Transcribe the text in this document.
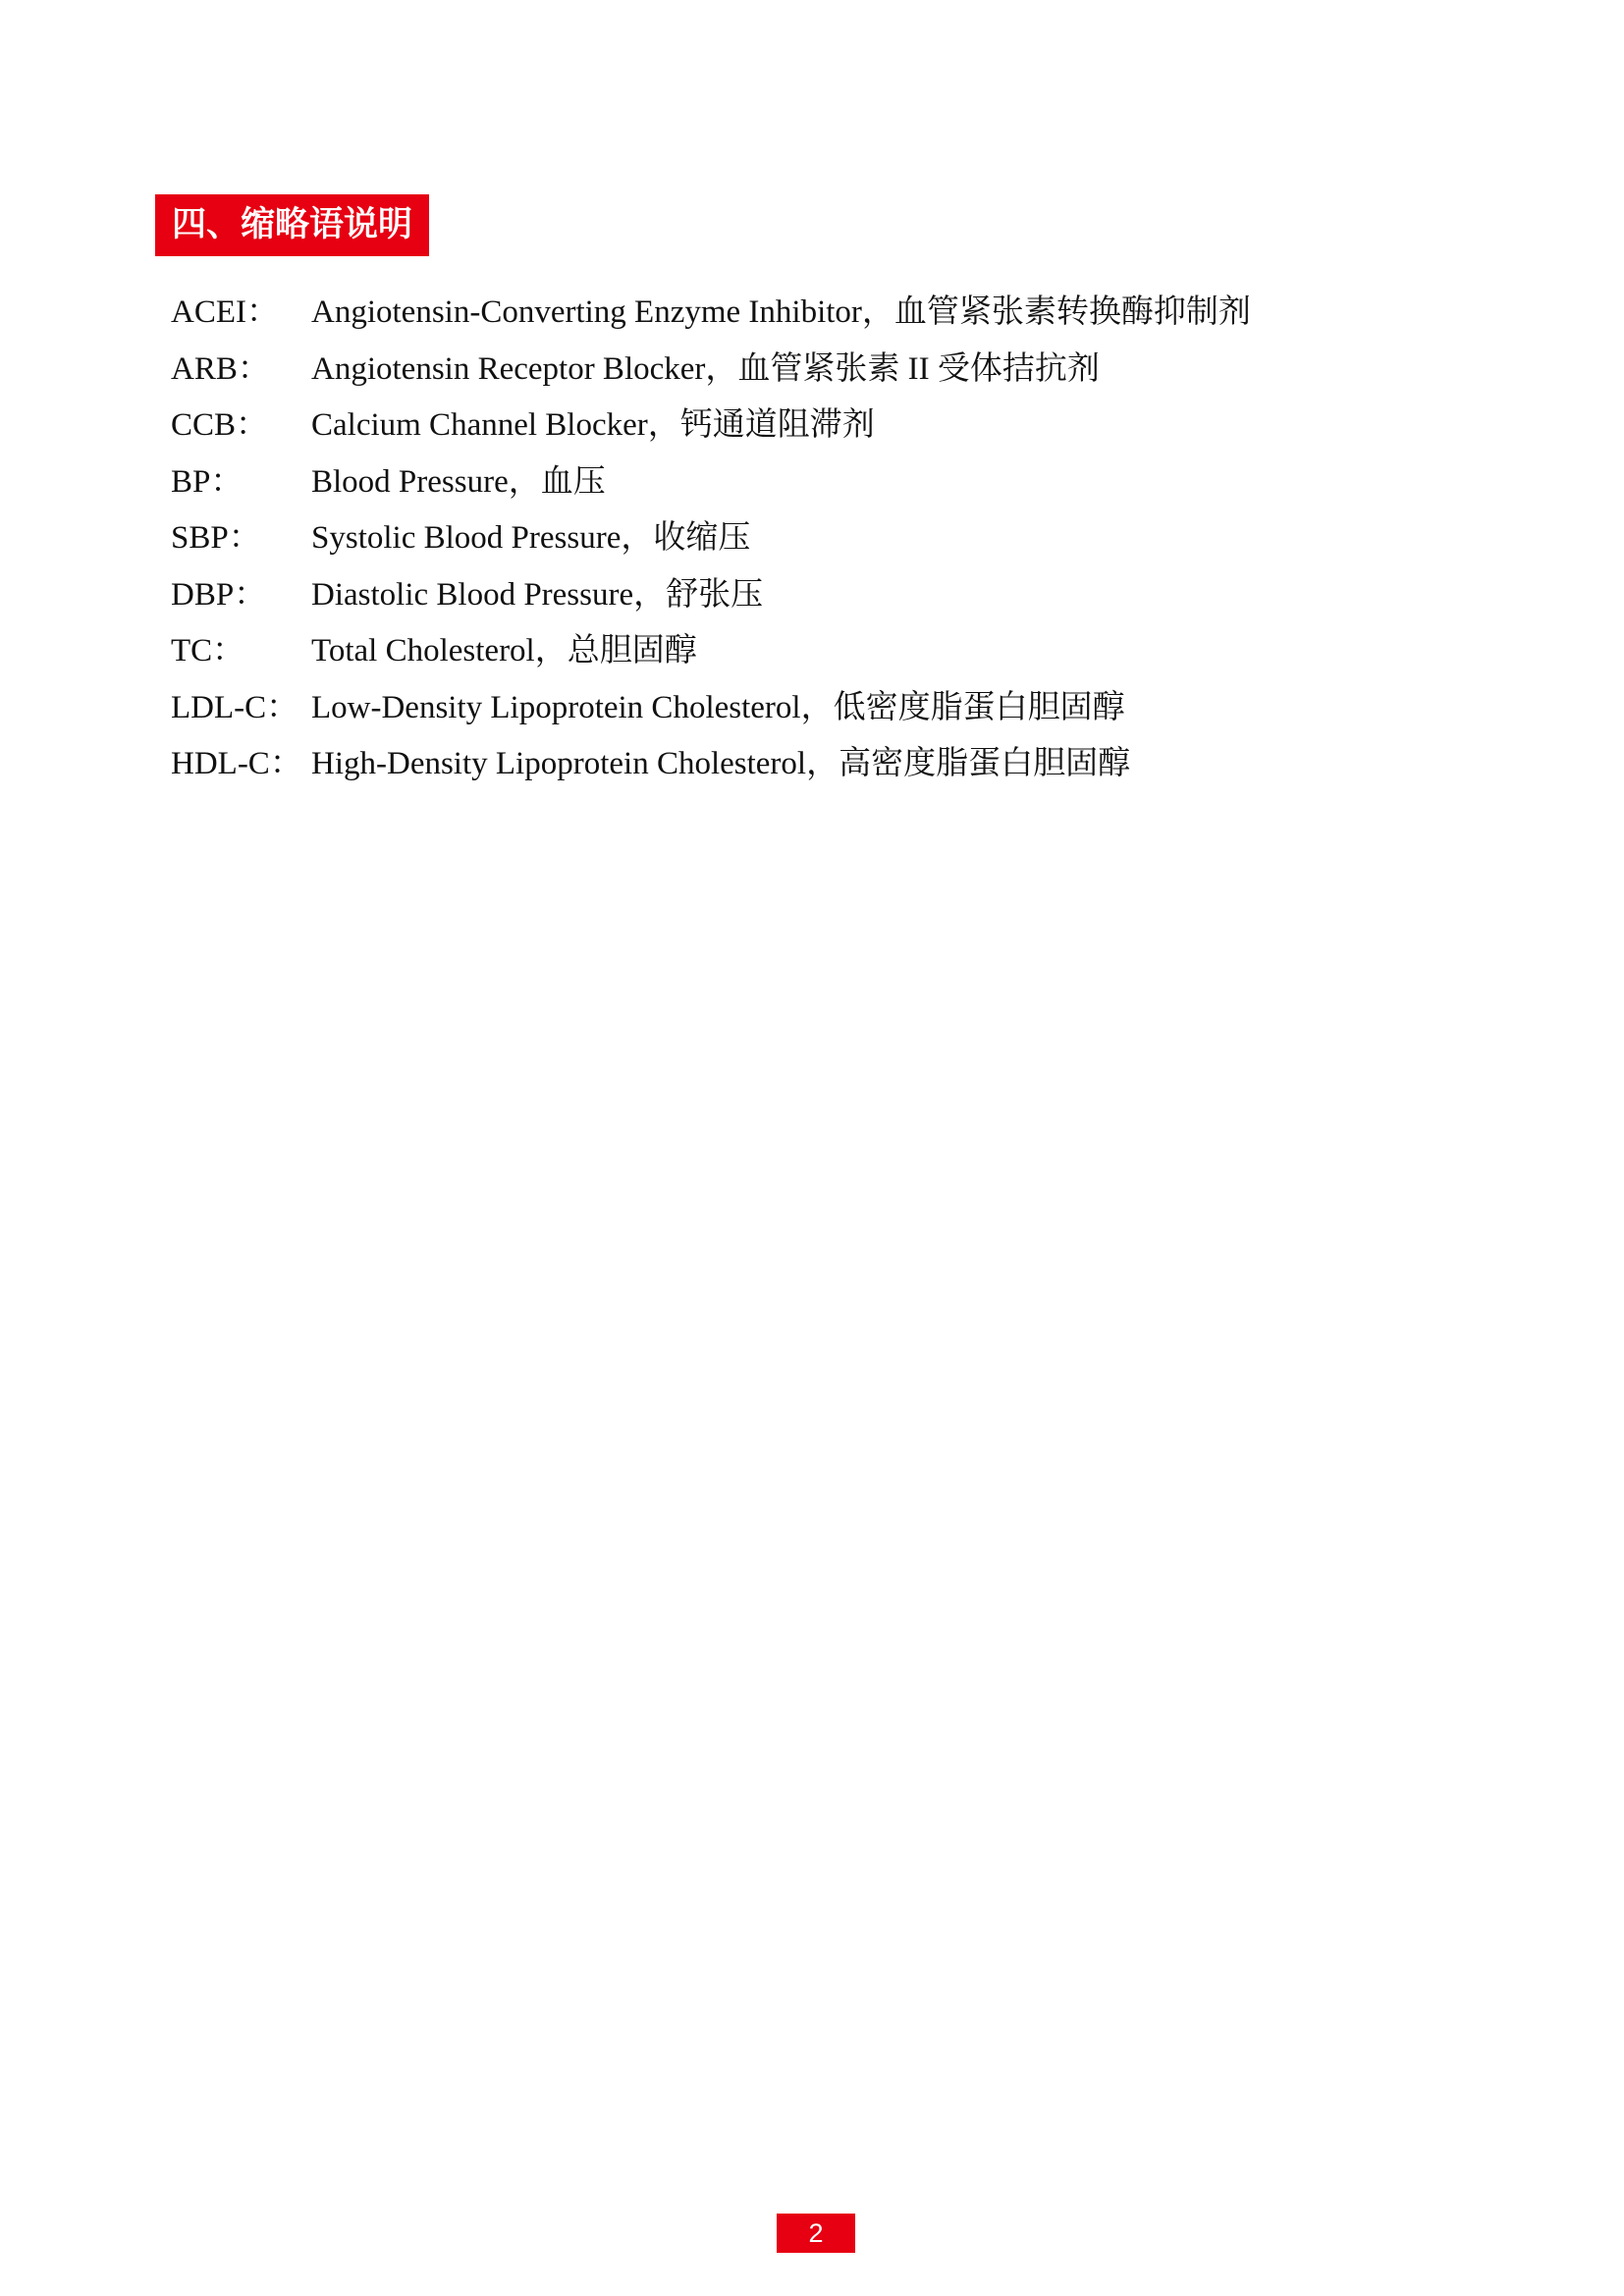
四、缩略语说明
ACEI： Angiotensin-Converting Enzyme Inhibitor，血管紧张素转换酶抑制剂
ARB： Angiotensin Receptor Blocker，血管紧张素 II 受体拮抗剂
CCB： Calcium Channel Blocker，钙通道阻滞剂
BP： Blood Pressure，血压
SBP： Systolic Blood Pressure，收缩压
DBP： Diastolic Blood Pressure，舒张压
TC： Total Cholesterol，总胆固醇
LDL-C： Low-Density Lipoprotein Cholesterol，低密度脂蛋白胆固醇
HDL-C： High-Density Lipoprotein Cholesterol，高密度脂蛋白胆固醇
2
